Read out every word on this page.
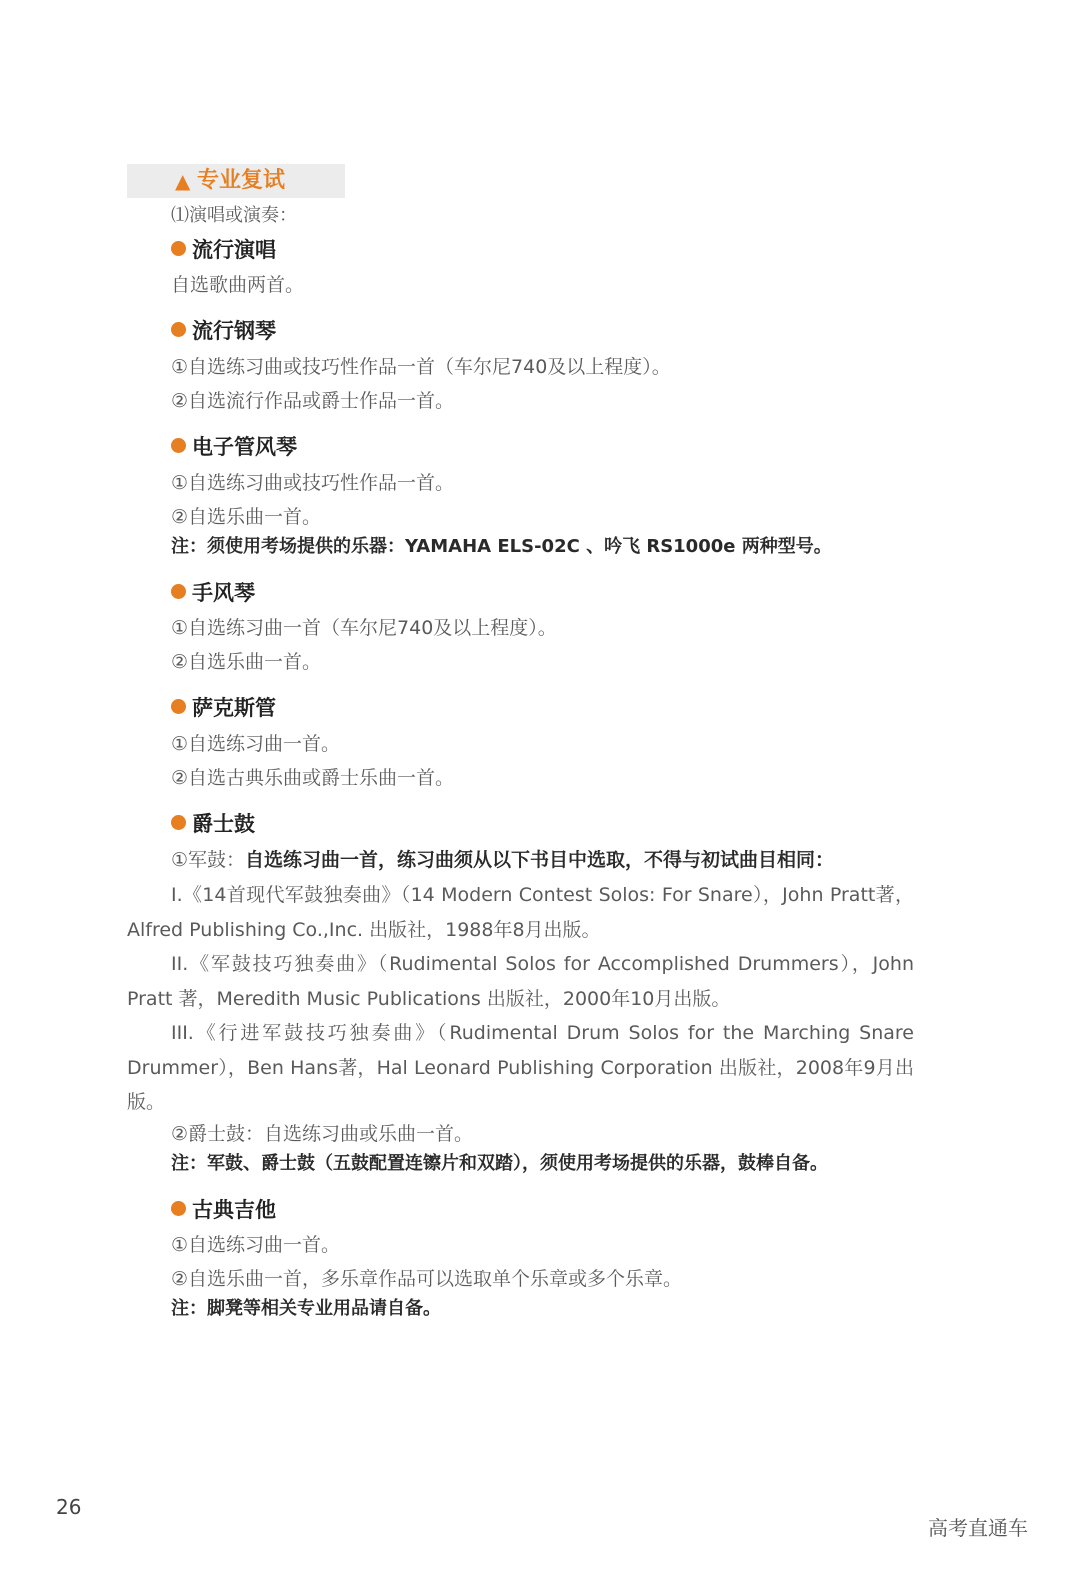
▲ 专业复试
⑴演唱或演奏：
流行演唱
自选歌曲两首。
流行钢琴
①自选练习曲或技巧性作品一首（车尔尼740及以上程度）。
②自选流行作品或爵士作品一首。
电子管风琴
①自选练习曲或技巧性作品一首。
②自选乐曲一首。
注：须使用考场提供的乐器：YAMAHA ELS-02C 、吟飞 RS1000e 两种型号。
手风琴
①自选练习曲一首（车尔尼740及以上程度）。
②自选乐曲一首。
萨克斯管
①自选练习曲一首。
②自选古典乐曲或爵士乐曲一首。
爵士鼓
①军鼓：自选练习曲一首，练习曲须从以下书目中选取，不得与初试曲目相同：
I.《14首现代军鼓独奏曲》（14 Modern Contest Solos: For Snare），John Pratt著，Alfred Publishing Co.,Inc. 出版社，1988年8月出版。
II.《军鼓技巧独奏曲》（Rudimental Solos for Accomplished Drummers），John　Pratt 著，Meredith Music Publications 出版社，2000年10月出版。
III.《行进军鼓技巧独奏曲》（Rudimental Drum Solos for the Marching Snare Drummer），Ben Hans著，Hal Leonard Publishing Corporation 出版社，2008年9月出版。
②爵士鼓：自选练习曲或乐曲一首。
注：军鼓、爵士鼓（五鼓配置连镲片和双踏），须使用考场提供的乐器，鼓棒自备。
古典吉他
①自选练习曲一首。
②自选乐曲一首，多乐章作品可以选取单个乐章或多个乐章。
注：脚凳等相关专业用品请自备。
26
高考直通车
